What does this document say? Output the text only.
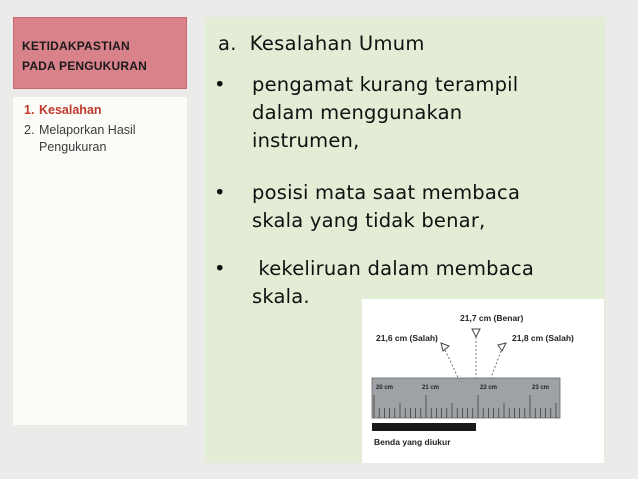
KETIDAKPASTIAN
PADA PENGUKURAN
1. Kesalahan
2. Melaporkan Hasil
Pengukuran
a.  Kesalahan Umum
•	pengamat kurang terampil
dalam menggunakan
instrumen,
•	posisi mata saat membaca
skala yang tidak benar,
•	kekeliruan dalam membaca
skala.
21,7 cm (Benar)
21,6 cm (Salah)	21,8 cm (Salah)
20 cm	21 cm	22 cm	23 cm
Benda yang diukur
